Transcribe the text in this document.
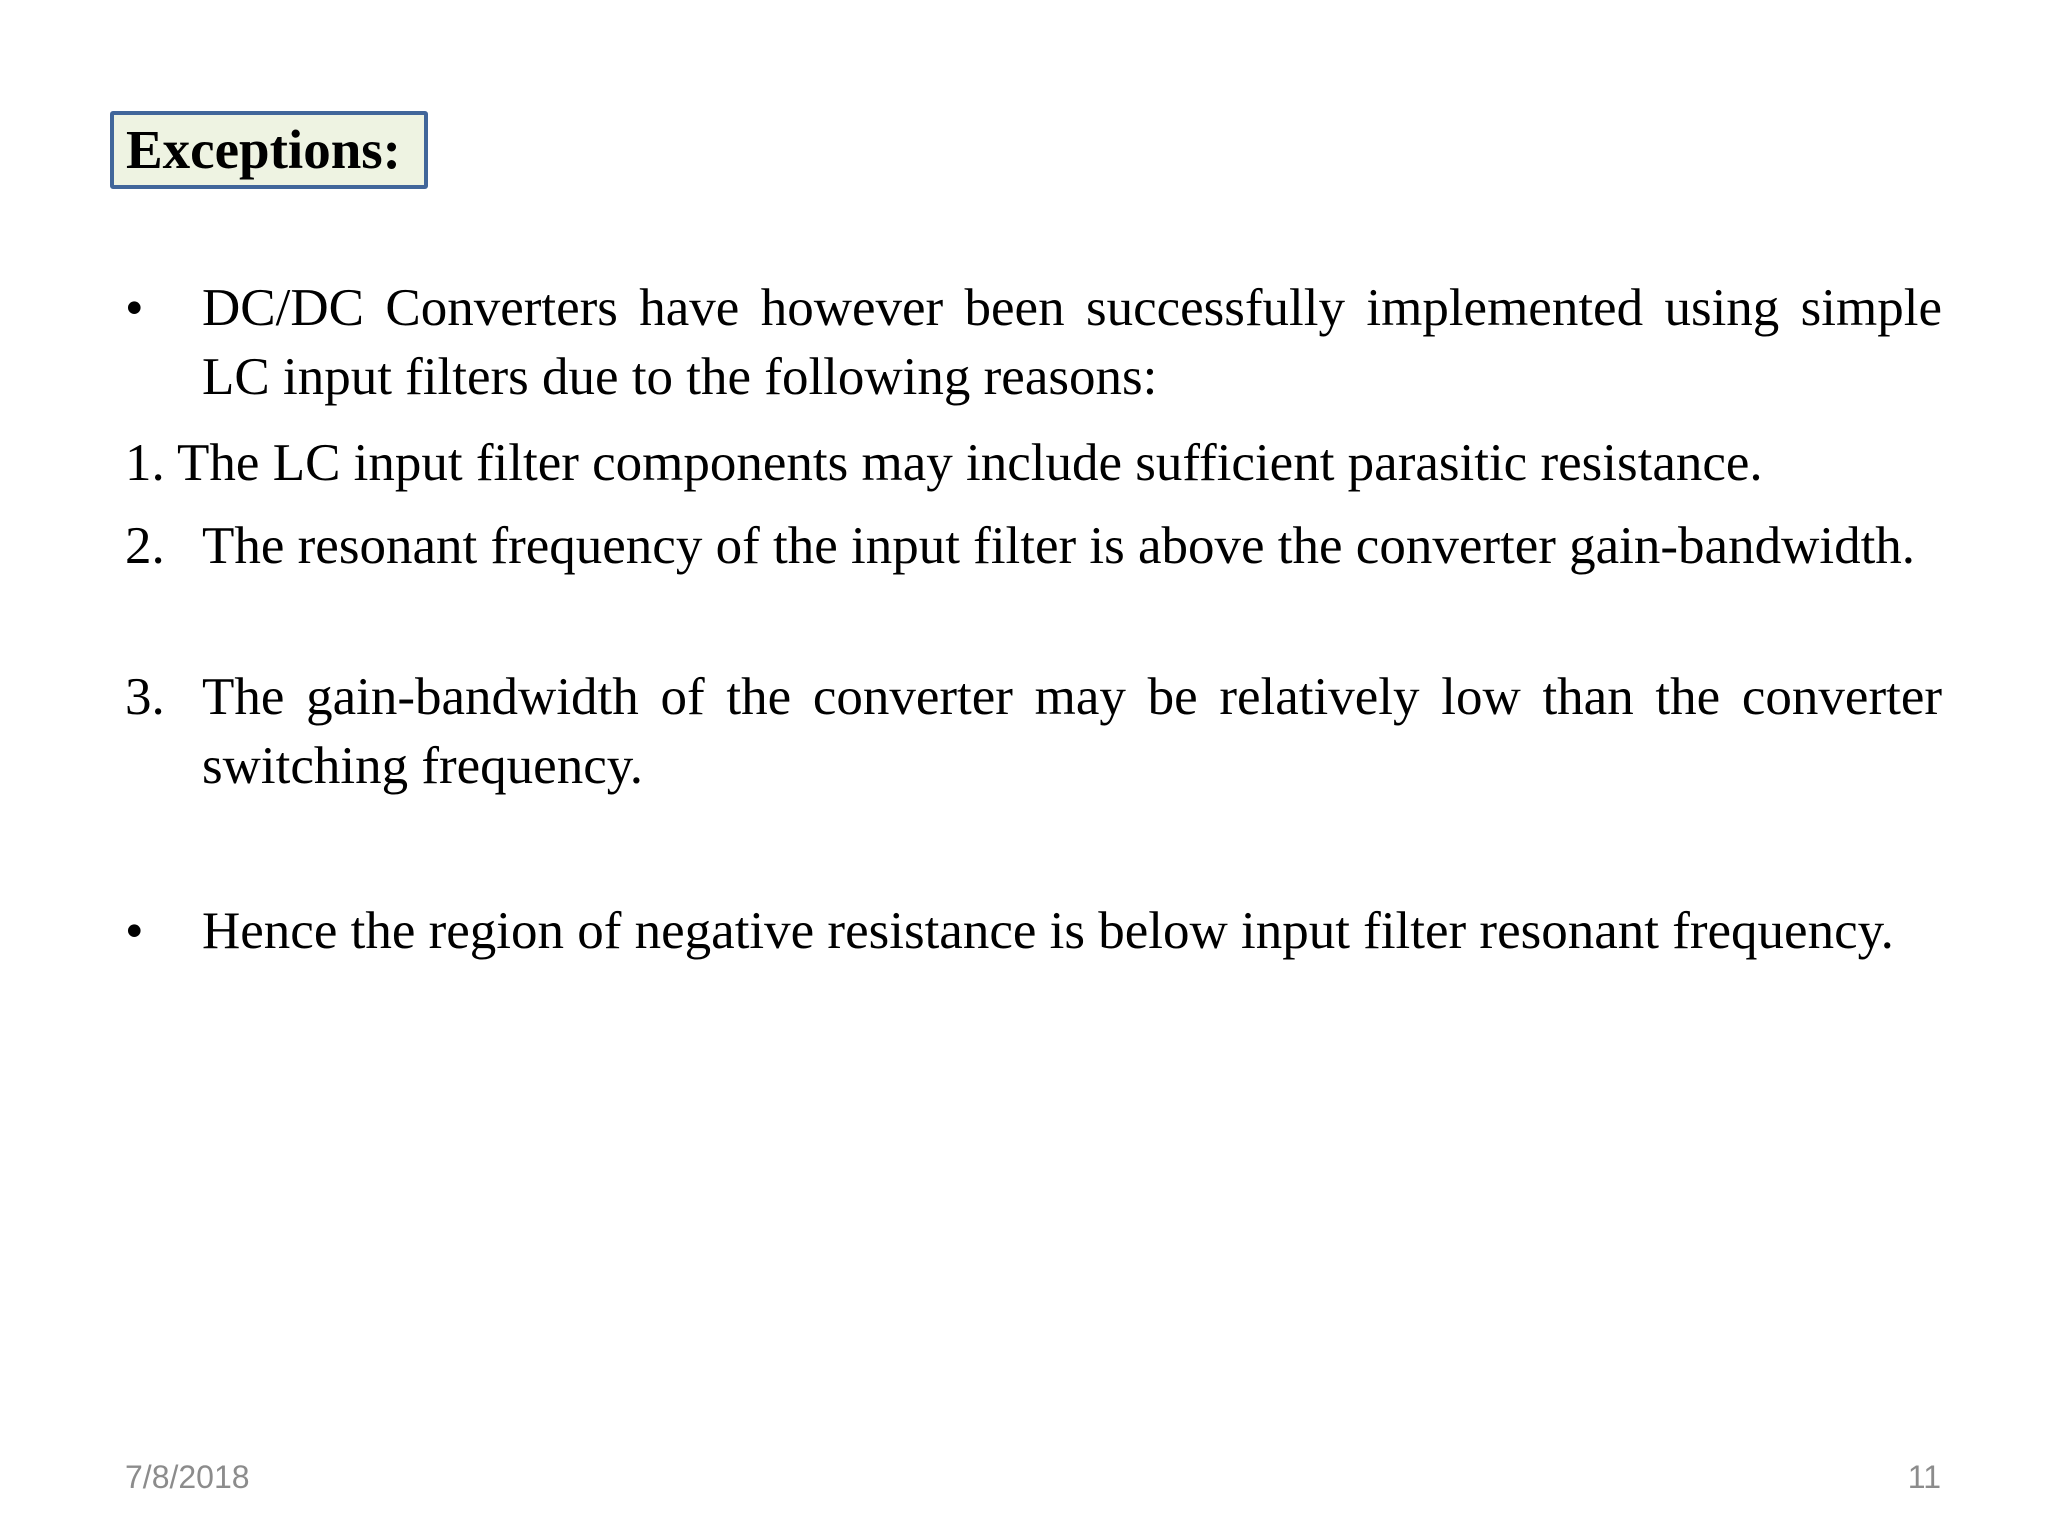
Exceptions:
• DC/DC Converters have however been successfully implemented using simple LC input filters due to the following reasons:
1. The LC input filter components may include sufficient parasitic resistance.
2. The resonant frequency of the input filter is above the converter gain-bandwidth.
3. The gain-bandwidth of the converter may be relatively low than the converter switching frequency.
• Hence the region of negative resistance is below input filter resonant frequency.
7/8/2018	11
